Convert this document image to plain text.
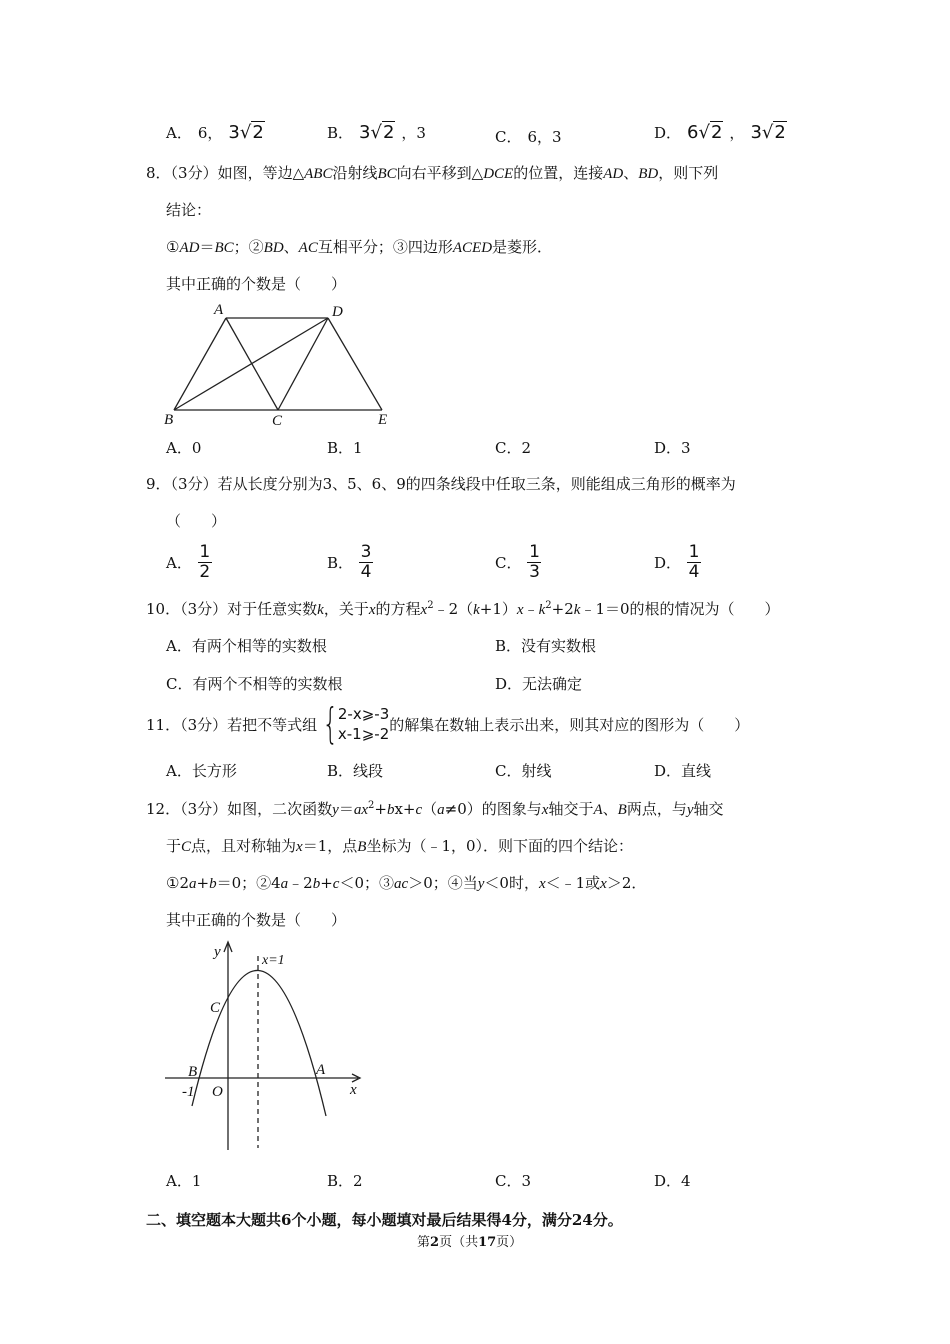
A． 6， 3√2	B． 3√2 ，3	C． 6，3	D． 6√2 ， 3√2
8．（3分）如图，等边△ABC沿射线BC向右平移到△DCE的位置，连接AD、BD，则下列
结论：
①AD＝BC；②BD、AC互相平分；③四边形ACED是菱形．
其中正确的个数是（　　）
A	D
B	C	E
A．0	B．1	C．2	D．3
9．（3分）若从长度分别为3、5、6、9的四条线段中任取三条，则能组成三角形的概率为
（　　）
A． $\frac{1}{2}$	B． $\frac{3}{4}$	C． $\frac{1}{3}$	D． $\frac{1}{4}$
10．（3分）对于任意实数k，关于x的方程$x^2﹣2(k+1)x﹣k^2+2k﹣1=0$的根的情况为（　　）
A．有两个相等的实数根	B．没有实数根
C．有两个不相等的实数根	D．无法确定
11．（3分）若把不等式组 { 2-x⩾-3
x-1⩾-2
的解集在数轴上表示出来，则其对应的图形为（　　）
A．长方形	B．线段	C．射线	D．直线
12．（3分）如图，二次函数$y=ax^2+bx+c(a\ne 0)$的图象与x轴交于A、B两点，与y轴交
于C点，且对称轴为x＝1，点B坐标为（﹣1，0）．则下面的四个结论：
①2a+b＝0；②4a﹣2b+c＜0；③ac＞0；④当y＜0时，x＜﹣1或x＞2．
其中正确的个数是（　　）
y
x
x=1
C
B	A
O
-1
A．1	B．2	C．3	D．4
二、填空题本大题共6个小题，每小题填对最后结果得4分，满分24分。
第2页（共17页）
